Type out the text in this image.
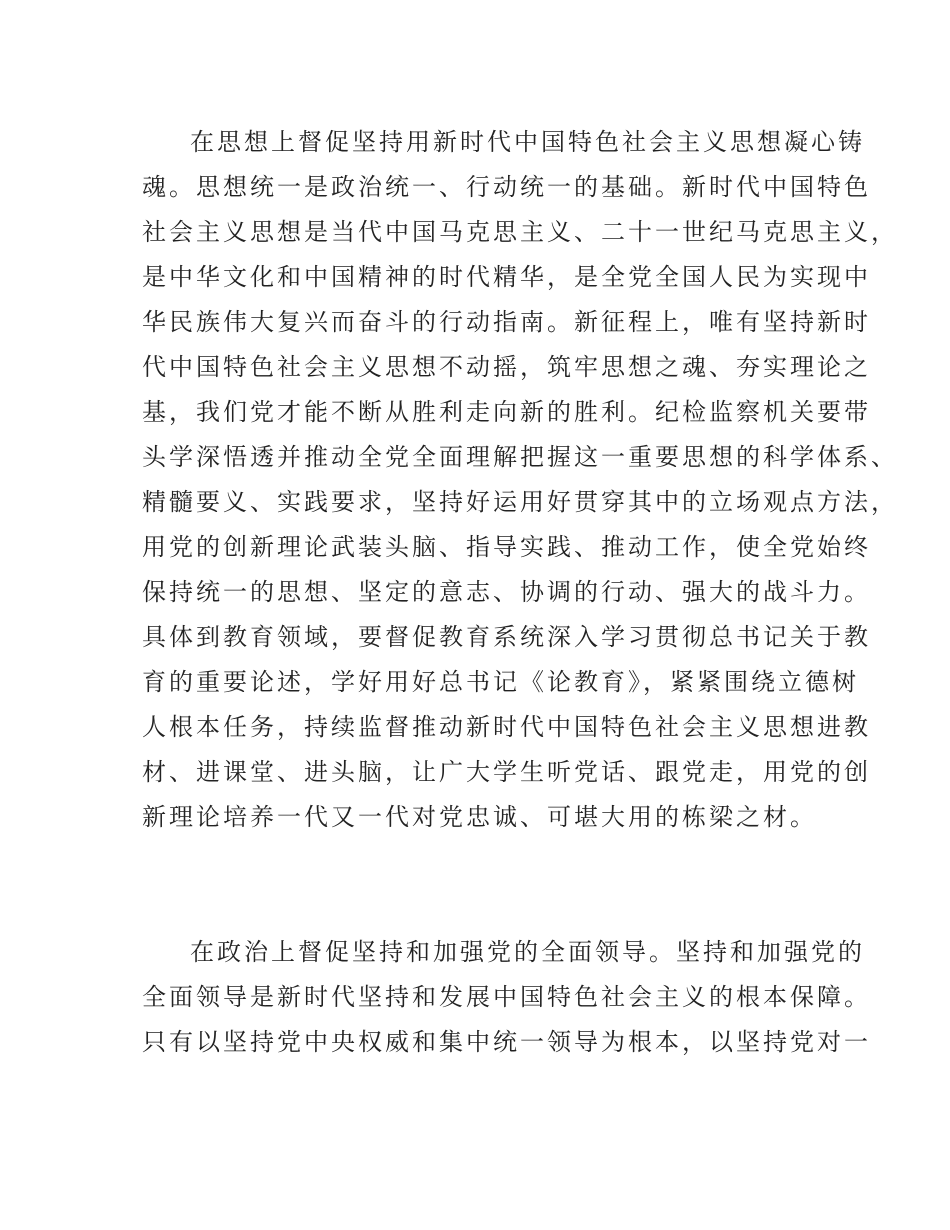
在思想上督促坚持用新时代中国特色社会主义思想凝心铸
魂。思想统一是政治统一、行动统一的基础。新时代中国特色
社会主义思想是当代中国马克思主义、二十一世纪马克思主义，
是中华文化和中国精神的时代精华，是全党全国人民为实现中
华民族伟大复兴而奋斗的行动指南。新征程上，唯有坚持新时
代中国特色社会主义思想不动摇，筑牢思想之魂、夯实理论之
基，我们党才能不断从胜利走向新的胜利。纪检监察机关要带
头学深悟透并推动全党全面理解把握这一重要思想的科学体系、
精髓要义、实践要求，坚持好运用好贯穿其中的立场观点方法，
用党的创新理论武装头脑、指导实践、推动工作，使全党始终
保持统一的思想、坚定的意志、协调的行动、强大的战斗力。
具体到教育领域，要督促教育系统深入学习贯彻总书记关于教
育的重要论述，学好用好总书记《论教育》，紧紧围绕立德树
人根本任务，持续监督推动新时代中国特色社会主义思想进教
材、进课堂、进头脑，让广大学生听党话、跟党走，用党的创
新理论培养一代又一代对党忠诚、可堪大用的栋梁之材。
在政治上督促坚持和加强党的全面领导。坚持和加强党的
全面领导是新时代坚持和发展中国特色社会主义的根本保障。
只有以坚持党中央权威和集中统一领导为根本，以坚持党对一
